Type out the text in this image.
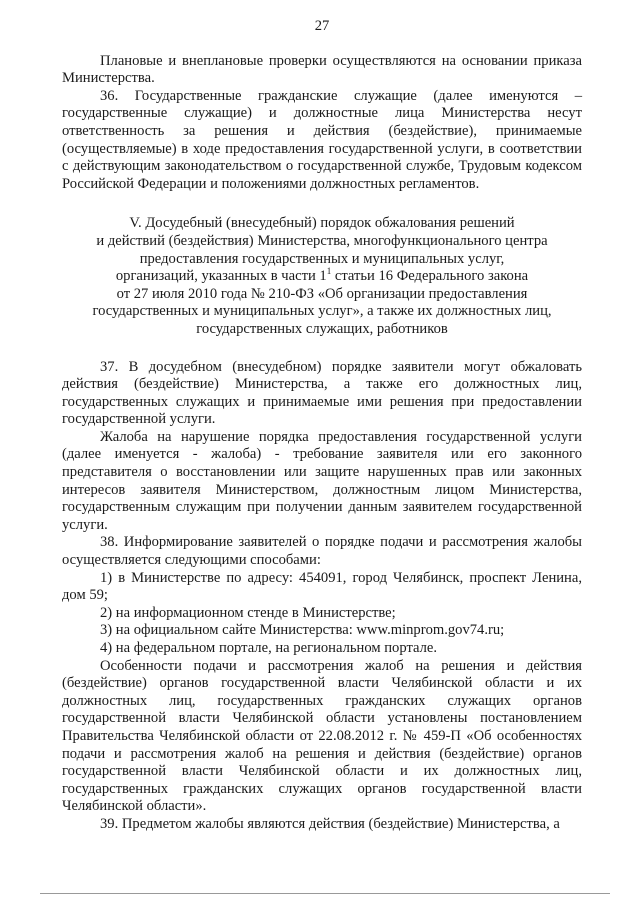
27

Плановые и внеплановые проверки осуществляются на основании приказа Министерства.

36. Государственные гражданские служащие (далее именуются – государственные служащие) и должностные лица Министерства несут ответственность за решения и действия (бездействие), принимаемые (осуществляемые) в ходе предоставления государственной услуги, в соответствии с действующим законодательством о государственной службе, Трудовым кодексом Российской Федерации и положениями должностных регламентов.

V. Досудебный (внесудебный) порядок обжалования решений
и действий (бездействия) Министерства, многофункционального центра
предоставления государственных и муниципальных услуг,
организаций, указанных в части $1^1$ статьи 16 Федерального закона
от 27 июля 2010 года № 210-ФЗ «Об организации предоставления
государственных и муниципальных услуг», а также их должностных лиц,
государственных служащих, работников

37. В досудебном (внесудебном) порядке заявители могут обжаловать действия (бездействие) Министерства, а также его должностных лиц, государственных служащих и принимаемые ими решения при предоставлении государственной услуги.

Жалоба на нарушение порядка предоставления государственной услуги (далее именуется - жалоба) - требование заявителя или его законного представителя о восстановлении или защите нарушенных прав или законных интересов заявителя Министерством, должностным лицом Министерства, государственным служащим при получении данным заявителем государственной услуги.

38. Информирование заявителей о порядке подачи и рассмотрения жалобы осуществляется следующими способами:

1) в Министерстве по адресу: 454091, город Челябинск, проспект Ленина, дом 59;

2) на информационном стенде в Министерстве;

3) на официальном сайте Министерства: www.minprom.gov74.ru;

4) на федеральном портале, на региональном портале.

Особенности подачи и рассмотрения жалоб на решения и действия (бездействие) органов государственной власти Челябинской области и их должностных лиц, государственных гражданских служащих органов государственной власти Челябинской области установлены постановлением Правительства Челябинской области от 22.08.2012 г. № 459-П «Об особенностях подачи и рассмотрения жалоб на решения и действия (бездействие) органов государственной власти Челябинской области и их должностных лиц, государственных гражданских служащих органов государственной власти Челябинской области».

39. Предметом жалобы являются действия (бездействие) Министерства, а
